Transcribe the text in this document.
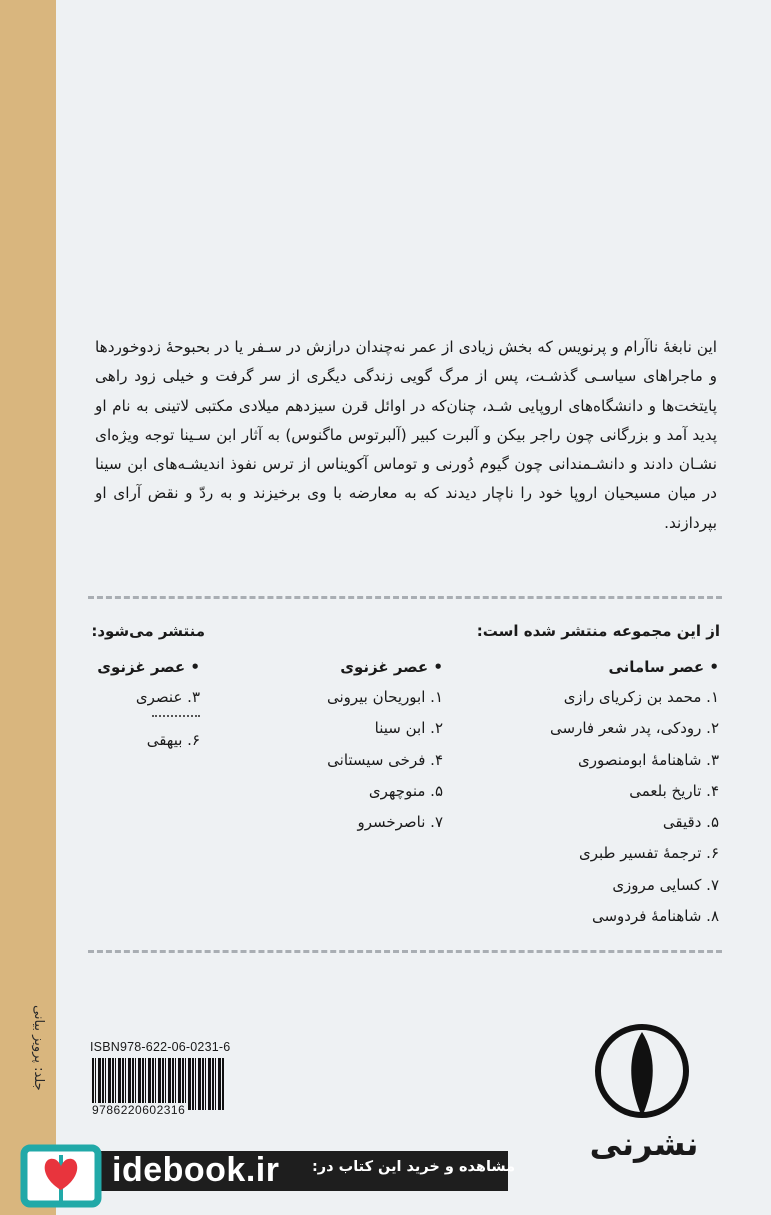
جلد: پرویز بیانی
این نابغهٔ ناآرام و پرنویس که بخش زیادی از عمر نه‌چندان درازش در سـفر یا در بحبوحهٔ زدوخوردها و ماجراهای سیاسـی گذشـت، پس از مرگ گویی زندگی دیگری از سر گرفت و خیلی زود راهی پایتخت‌ها و دانشگاه‌های اروپایی شـد، چنان‌که در اوائل قرن سیزدهم میلادی مکتبی لاتینی به نام او پدید آمد و بزرگانی چون راجر بیکن و آلبرت کبیر (آلبرتوس ماگنوس) به آثار ابن سـینا توجه ویژه‌ای نشـان دادند و دانشـمندانی چون گیوم دُورنی و توماس آکویناس از ترس نفوذ اندیشـه‌های ابن سینا در میان مسیحیان اروپا خود را ناچار دیدند که به معارضه با وی برخیزند و به ردّ و نقض آرای او بپردازند.
از این مجموعه منتشر شده است:
منتشر می‌شود:
• عصر سامانی
۱. محمد بن زکریای رازی
۲. رودکی، پدر شعر فارسی
۳. شاهنامهٔ ابومنصوری
۴. تاریخ بلعمی
۵. دقیقی
۶. ترجمهٔ تفسیر طبری
۷. کسایی مروزی
۸. شاهنامهٔ فردوسی
• عصر غزنوی
۱. ابوریحان بیرونی
۲. ابن سینا
۴. فرخی سیستانی
۵. منوچهری
۷. ناصرخسرو
• عصر غزنوی
۳. عنصری
۶. بیهقی
ISBN978-622-06-0231-6
9786220602316
نشرنی
idebook.ir مشاهده و خرید این کتاب در:
